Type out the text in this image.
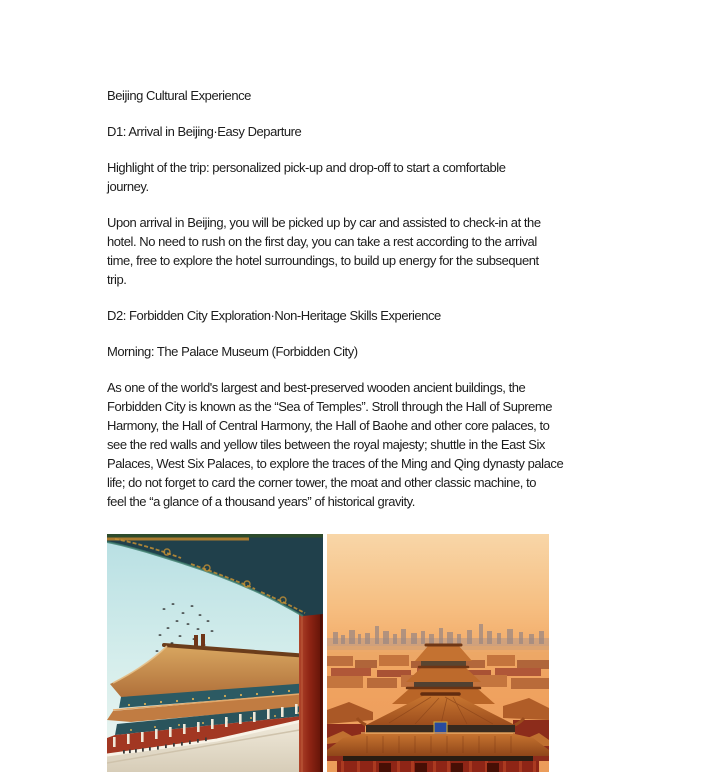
Beijing Cultural Experience
D1: Arrival in Beijing·Easy Departure
Highlight of the trip: personalized pick-up and drop-off to start a comfortable
journey.
Upon arrival in Beijing, you will be picked up by car and assisted to check-in at the
hotel. No need to rush on the first day, you can take a rest according to the arrival
time, free to explore the hotel surroundings, to build up energy for the subsequent
trip.
D2: Forbidden City Exploration·Non-Heritage Skills Experience
Morning: The Palace Museum (Forbidden City)
As one of the world's largest and best-preserved wooden ancient buildings, the
Forbidden City is known as the “Sea of Temples”. Stroll through the Hall of Supreme
Harmony, the Hall of Central Harmony, the Hall of Baohe and other core palaces, to
see the red walls and yellow tiles between the royal majesty; shuttle in the East Six
Palaces, West Six Palaces, to explore the traces of the Ming and Qing dynasty palace
life; do not forget to card the corner tower, the moat and other classic machine, to
feel the “a glance of a thousand years” of historical gravity.
